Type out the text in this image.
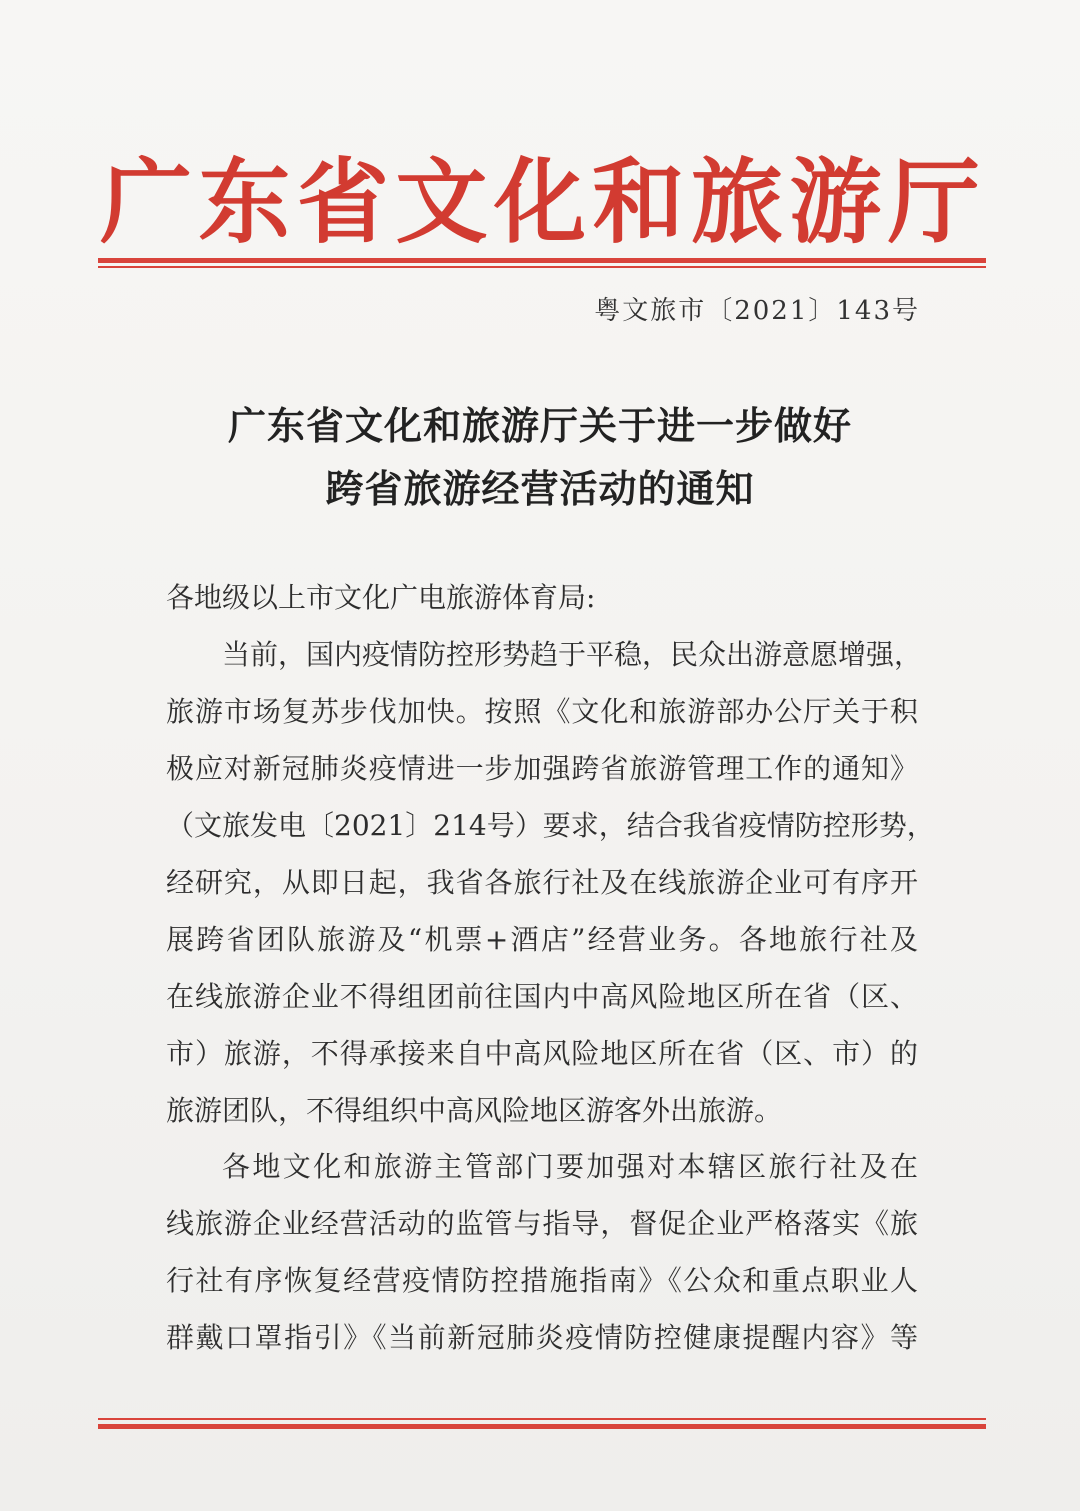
广 东 省 文 化 和 旅 游 厅
粤文旅市〔2021〕143号
广东省文化和旅游厅关于进一步做好
跨省旅游经营活动的通知
各地级以上市文化广电旅游体育局:
当前，国内疫情防控形势趋于平稳，民众出游意愿增强，
旅游市场复苏步伐加快。按照《文化和旅游部办公厅关于积
极应对新冠肺炎疫情进一步加强跨省旅游管理工作的通知》
（文旅发电〔2021〕214号）要求，结合我省疫情防控形势，
经研究，从即日起，我省各旅行社及在线旅游企业可有序开
展跨省团队旅游及“机票+酒店”经营业务。各地旅行社及
在线旅游企业不得组团前往国内中高风险地区所在省（区、
市）旅游，不得承接来自中高风险地区所在省（区、市）的
旅游团队，不得组织中高风险地区游客外出旅游。
各地文化和旅游主管部门要加强对本辖区旅行社及在
线旅游企业经营活动的监管与指导，督促企业严格落实《旅
行社有序恢复经营疫情防控措施指南》《公众和重点职业人
群戴口罩指引》《当前新冠肺炎疫情防控健康提醒内容》等
